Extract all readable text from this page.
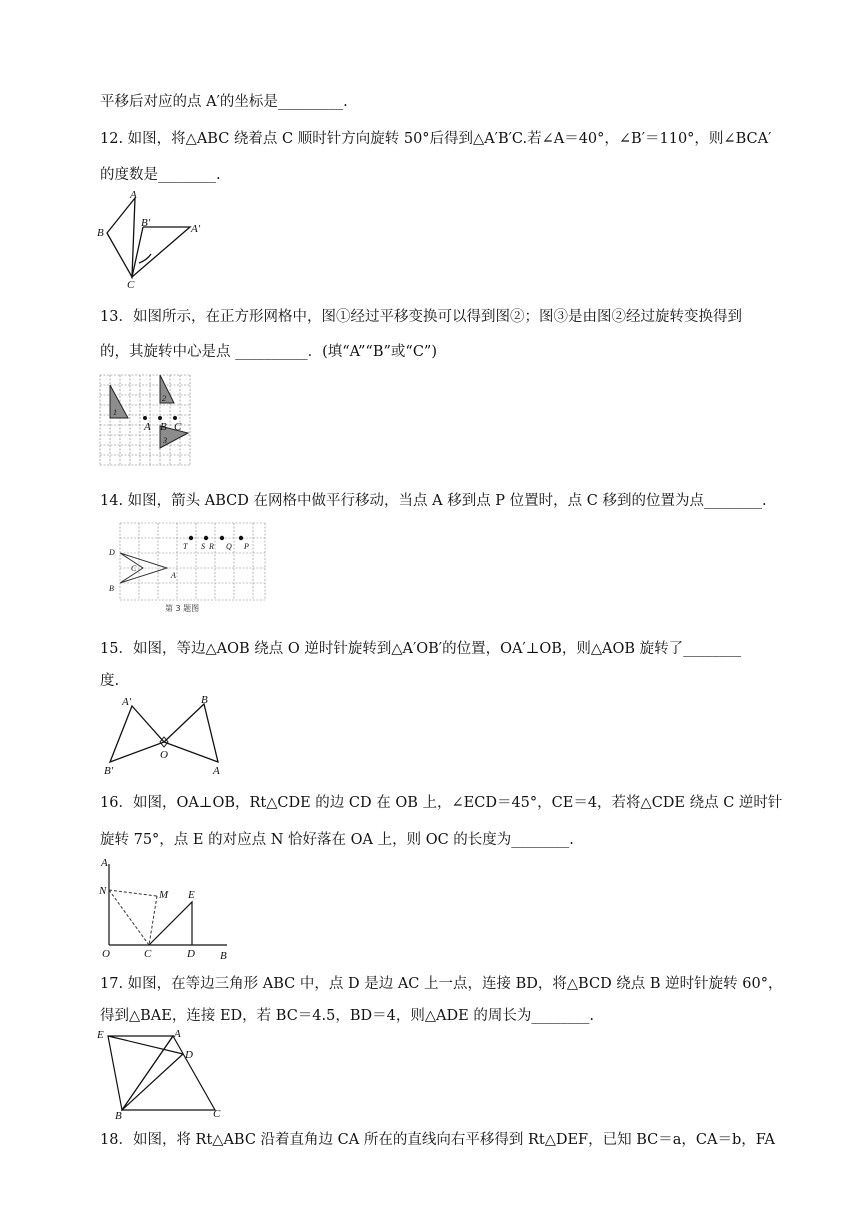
平移后对应的点 A′的坐标是_________.
12. 如图，将△ABC 绕着点 C 顺时针方向旋转 50°后得到△A′B′C.若∠A＝40°，∠B′＝110°，则∠BCA′
的度数是________.
A
B
B′	A′
C
13．如图所示，在正方形网格中，图①经过平移变换可以得到图②；图③是由图②经过旋转变换得到
的，其旋转中心是点 __________．(填“A”“B”或“C”)
1
2
3
A B C
14. 如图，箭头 ABCD 在网格中做平行移动，当点 A 移到点 P 位置时，点 C 移到的位置为点________.
T S R Q P
D
C
A
B
第 3 题图
15．如图，等边△AOB 绕点 O 逆时针旋转到△A′OB′的位置，OA′⊥OB，则△AOB 旋转了________
度.
A′	B
O
B′	A
16．如图，OA⊥OB，Rt△CDE 的边 CD 在 OB 上，∠ECD＝45°，CE＝4，若将△CDE 绕点 C 逆时针
旋转 75°，点 E 的对应点 N 恰好落在 OA 上，则 OC 的长度为________.
A
N	M E
O	C	D B
17. 如图，在等边三角形 ABC 中，点 D 是边 AC 上一点，连接 BD，将△BCD 绕点 B 逆时针旋转 60°，
得到△BAE，连接 ED，若 BC＝4.5，BD＝4，则△ADE 的周长为________.
E	A
D
B	C
18．如图，将 Rt△ABC 沿着直角边 CA 所在的直线向右平移得到 Rt△DEF，已知 BC＝a，CA＝b，FA
